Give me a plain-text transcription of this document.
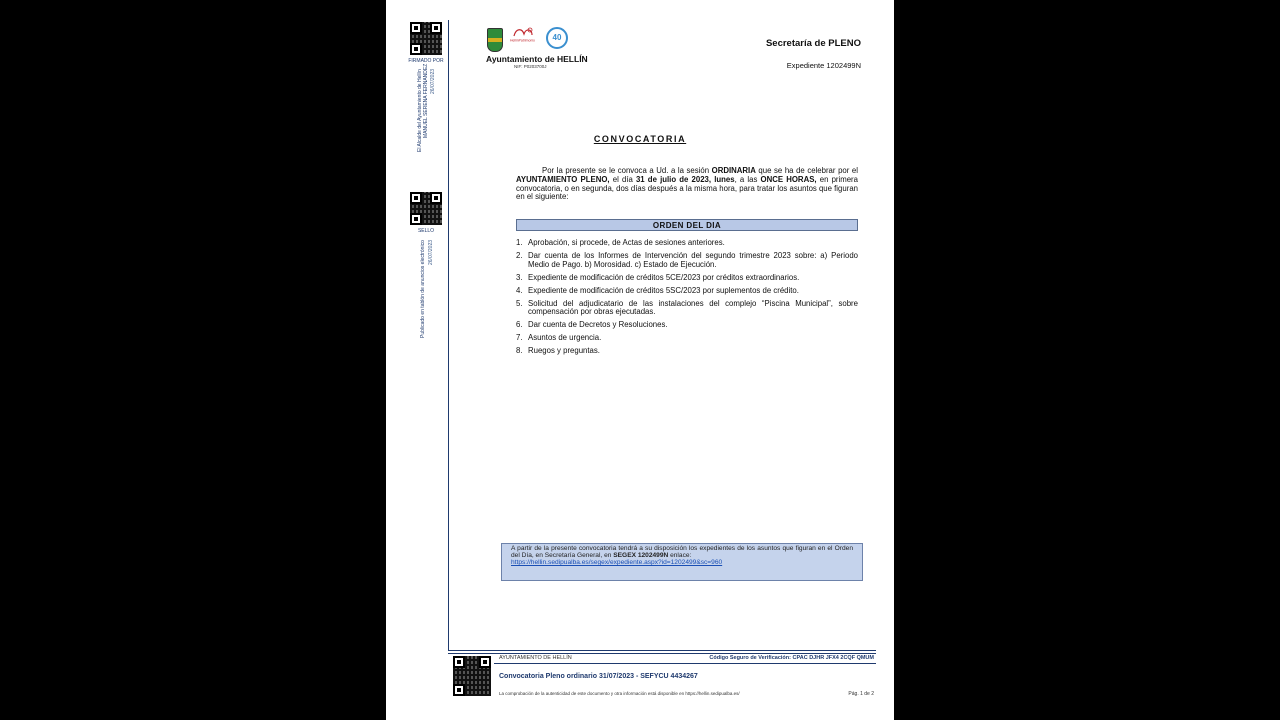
FIRMADO POR
El Alcalde del Ayuntamiento de Hellín MANUEL SERENA FERNANDEZ 26/07/2023
SELLO
Publicado en tablón de anuncios electrónico 26/07/2023
HellínPatrimonio	40
Ayuntamiento de HELLÍN
NIF: P0203700J
Secretaría de PLENO
Expediente 1202499N
CONVOCATORIA

Por la presente se le convoca a Ud. a la sesión ORDINARIA que se ha de celebrar por el AYUNTAMIENTO PLENO, el día 31 de julio de 2023, lunes, a las ONCE HORAS, en primera convocatoria, o en segunda, dos días después a la misma hora, para tratar los asuntos que figuran en el siguiente:

ORDEN DEL DIA
1. Aprobación, si procede, de Actas de sesiones anteriores.
2. Dar cuenta de los Informes de Intervención del segundo trimestre 2023 sobre: a) Periodo Medio de Pago. b) Morosidad. c) Estado de Ejecución.
3. Expediente de modificación de créditos 5CE/2023 por créditos extraordinarios.
4. Expediente de modificación de créditos 5SC/2023 por suplementos de crédito.
5. Solicitud del adjudicatario de las instalaciones del complejo “Piscina Municipal”, sobre compensación por obras ejecutadas.
6. Dar cuenta de Decretos y Resoluciones.
7. Asuntos de urgencia.
8. Ruegos y preguntas.
A partir de la presente convocatoria tendrá a su disposición los expedientes de los asuntos que figuran en el Orden del Día, en Secretaría General, en SEGEX 1202499N enlace:
https://hellin.sedipualba.es/segex/expediente.aspx?id=1202499&sc=960
AYUNTAMIENTO DE HELLÍN	Código Seguro de Verificación: CPAC DJHR JFX4 2CQF QMUM
Convocatoria Pleno ordinario 31/07/2023 - SEFYCU 4434267
La comprobación de la autenticidad de este documento y otra información está disponible en https://hellin.sedipualba.es/	Pág. 1 de 2
